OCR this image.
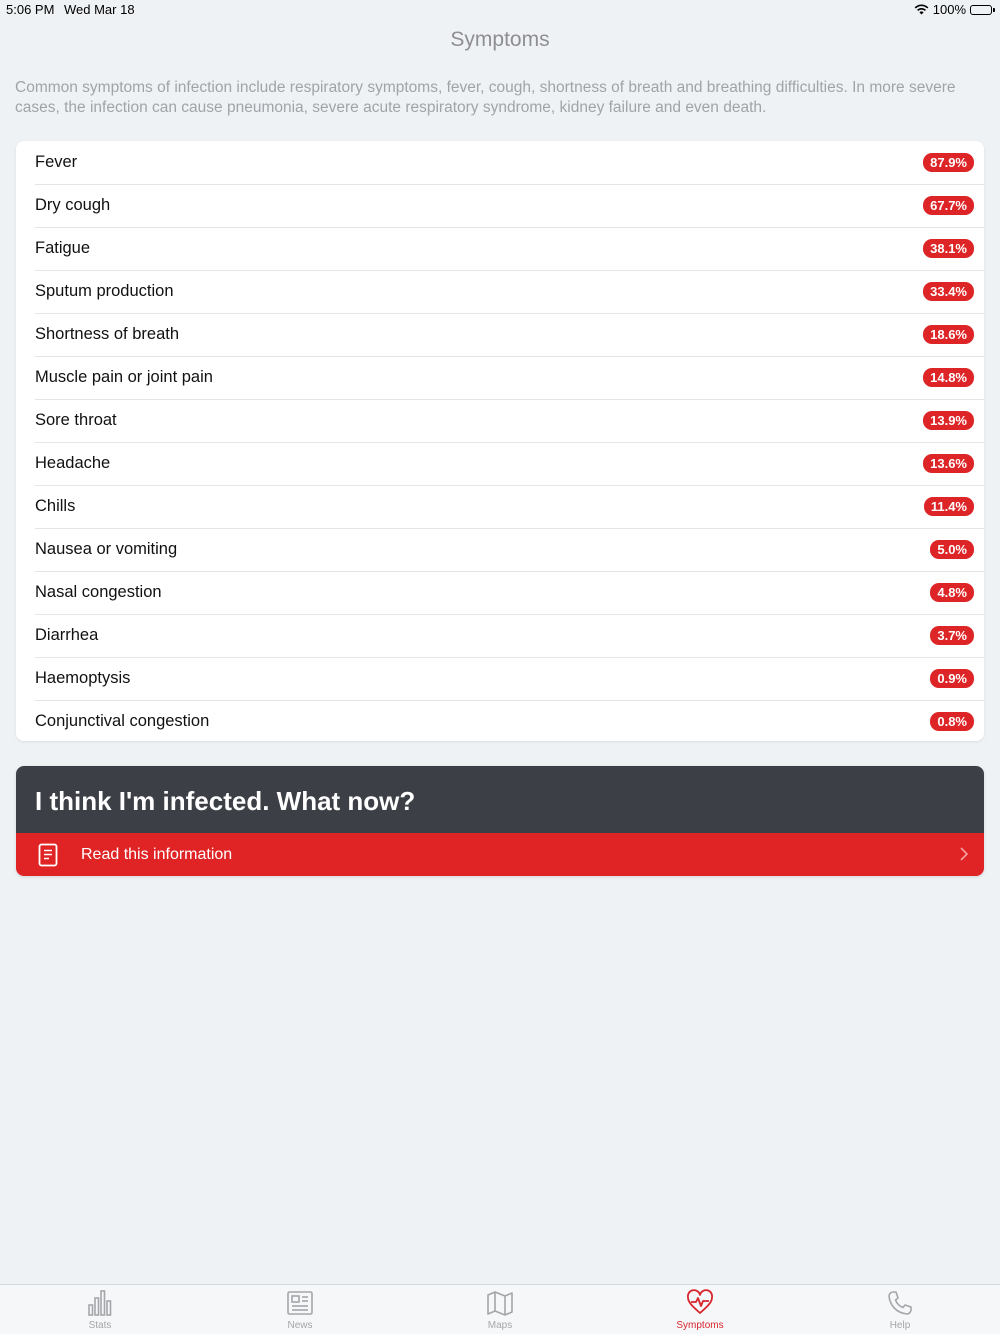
5:06 PM Wed Mar 18	100%
Symptoms
Common symptoms of infection include respiratory symptoms, fever, cough, shortness of breath and breathing difficulties. In more severe cases, the infection can cause pneumonia, severe acute respiratory syndrome, kidney failure and even death.
Fever	87.9%
Dry cough	67.7%
Fatigue	38.1%
Sputum production	33.4%
Shortness of breath	18.6%
Muscle pain or joint pain	14.8%
Sore throat	13.9%
Headache	13.6%
Chills	11.4%
Nausea or vomiting	5.0%
Nasal congestion	4.8%
Diarrhea	3.7%
Haemoptysis	0.9%
Conjunctival congestion	0.8%
I think I'm infected. What now?
Read this information
Stats	News	Maps	Symptoms	Help
